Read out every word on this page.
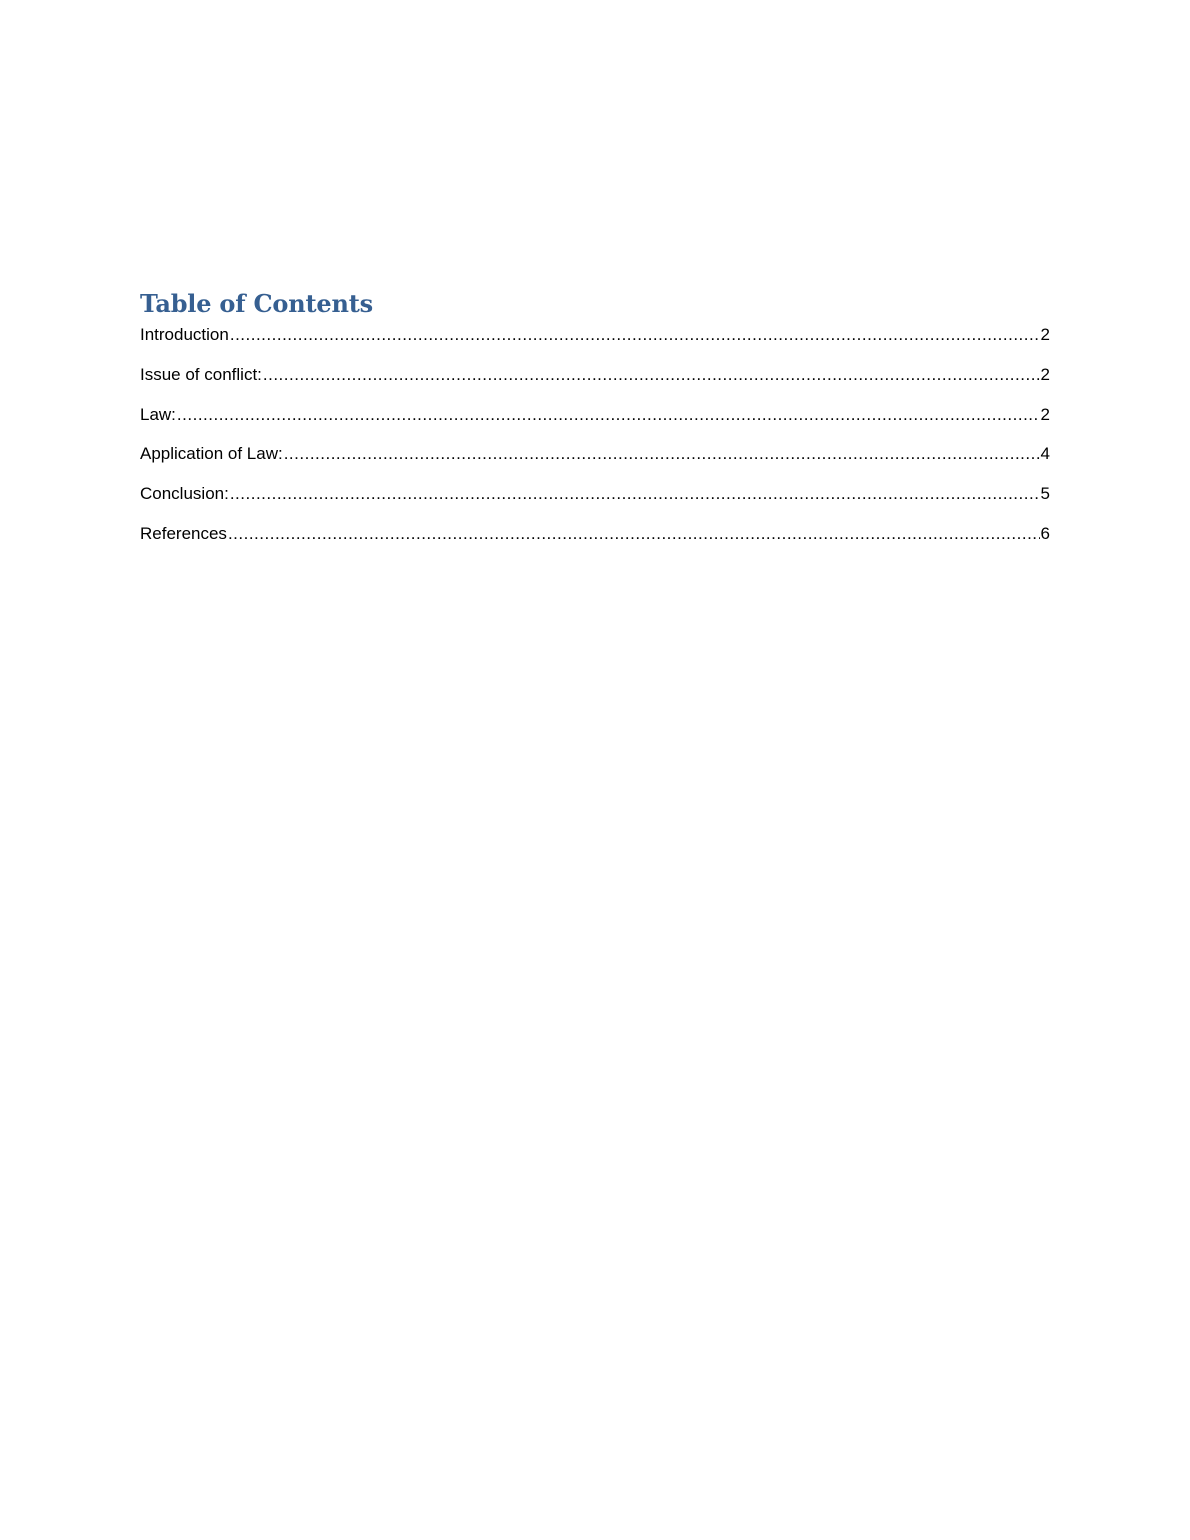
Table of Contents
Introduction .....	2
Issue of conflict: .....	2
Law: .....	2
Application of Law: .....	4
Conclusion: .....	5
References .....	6
